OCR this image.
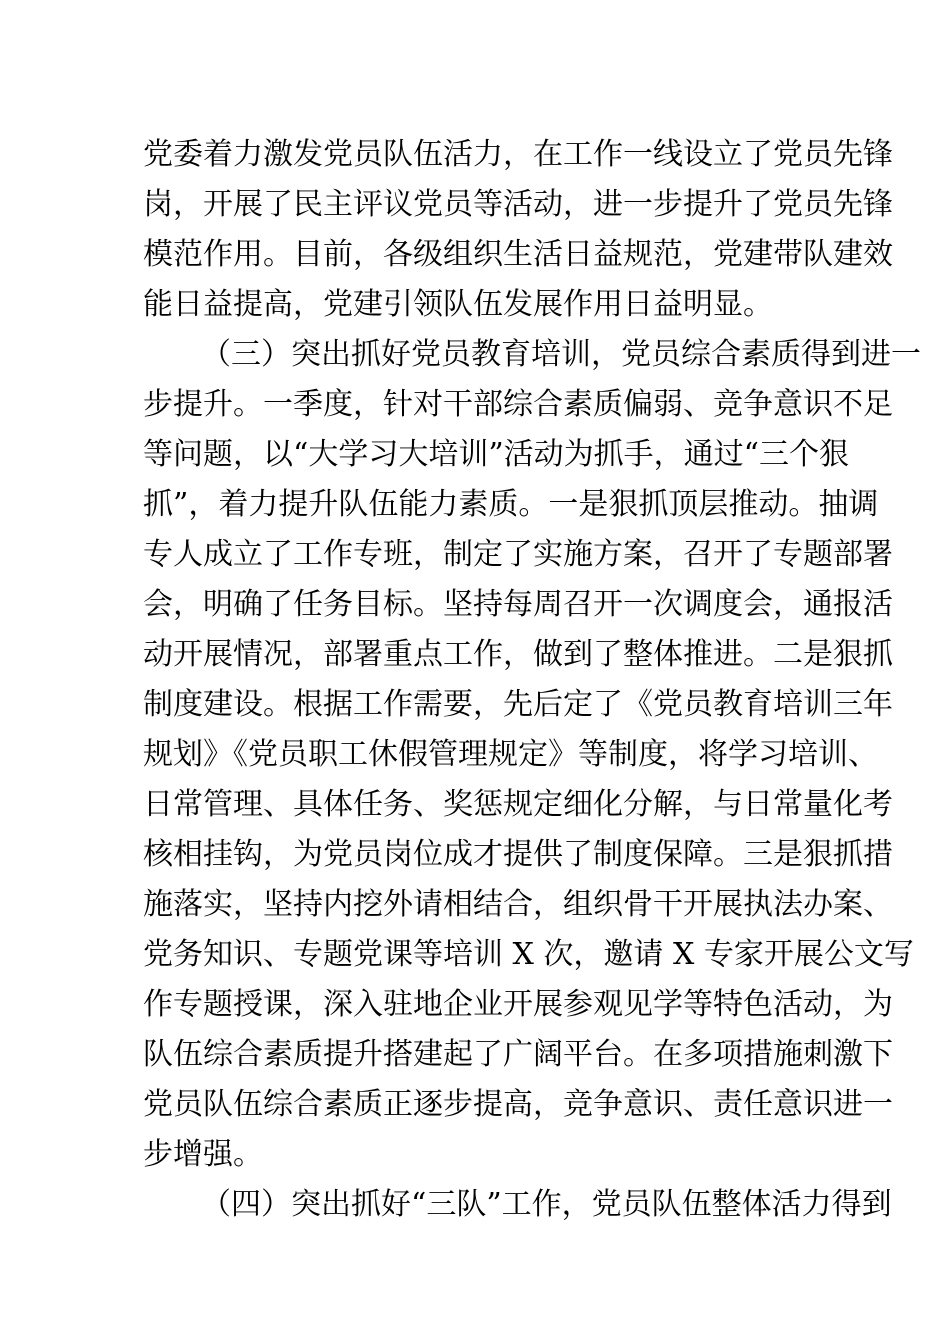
党委着力激发党员队伍活力，在工作一线设立了党员先锋
岗，开展了民主评议党员等活动，进一步提升了党员先锋
模范作用。目前，各级组织生活日益规范，党建带队建效
能日益提高，党建引领队伍发展作用日益明显。
（三）突出抓好党员教育培训，党员综合素质得到进一
步提升。一季度，针对干部综合素质偏弱、竞争意识不足
等问题，以“大学习大培训”活动为抓手，通过“三个狠
抓”，着力提升队伍能力素质。一是狠抓顶层推动。抽调
专人成立了工作专班，制定了实施方案，召开了专题部署
会，明确了任务目标。坚持每周召开一次调度会，通报活
动开展情况，部署重点工作，做到了整体推进。二是狠抓
制度建设。根据工作需要，先后定了《党员教育培训三年
规划》《党员职工休假管理规定》等制度，将学习培训、
日常管理、具体任务、奖惩规定细化分解，与日常量化考
核相挂钩，为党员岗位成才提供了制度保障。三是狠抓措
施落实，坚持内挖外请相结合，组织骨干开展执法办案、
党务知识、专题党课等培训 X 次，邀请 X 专家开展公文写
作专题授课，深入驻地企业开展参观见学等特色活动，为
队伍综合素质提升搭建起了广阔平台。在多项措施刺激下
党员队伍综合素质正逐步提高，竞争意识、责任意识进一
步增强。
（四）突出抓好“三队”工作，党员队伍整体活力得到
